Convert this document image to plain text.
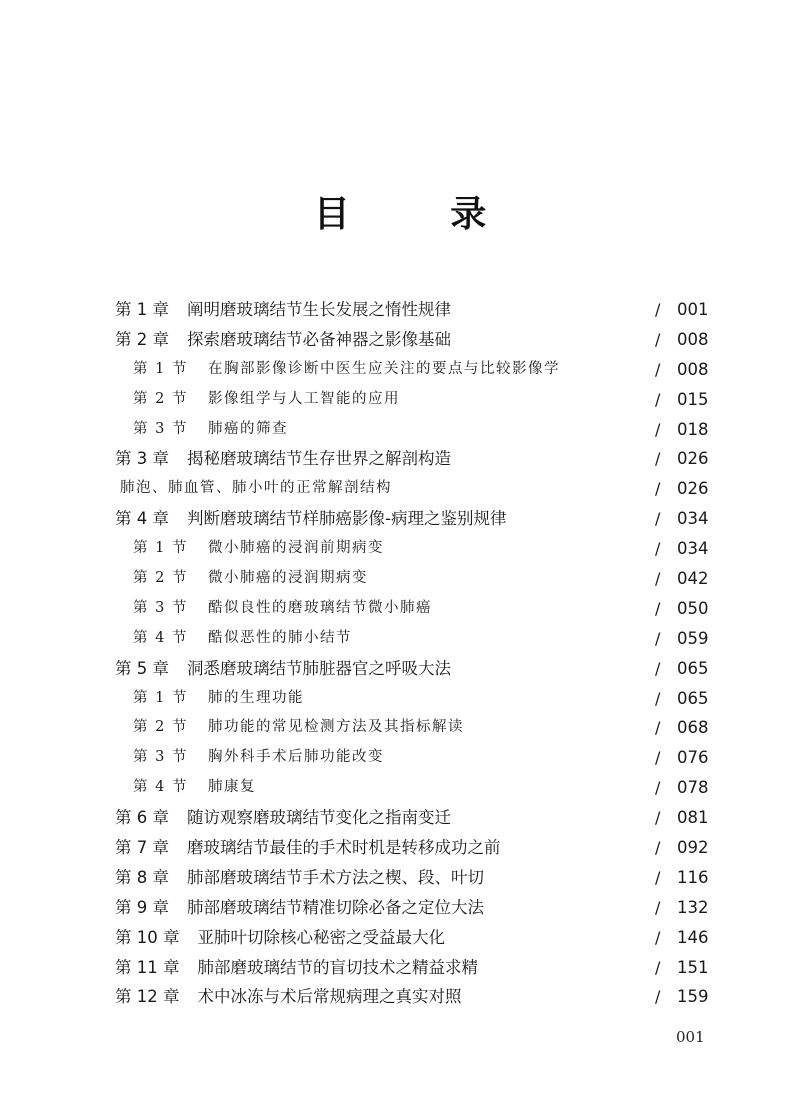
目 录
第 1 章 阐明磨玻璃结节生长发展之惰性规律	/ 001
第 2 章 探索磨玻璃结节必备神器之影像基础	/ 008
第 1 节 在胸部影像诊断中医生应关注的要点与比较影像学	/ 008
第 2 节 影像组学与人工智能的应用	/ 015
第 3 节 肺癌的筛查	/ 018
第 3 章 揭秘磨玻璃结节生存世界之解剖构造	/ 026
肺泡、肺血管、肺小叶的正常解剖结构	/ 026
第 4 章 判断磨玻璃结节样肺癌影像-病理之鉴别规律	/ 034
第 1 节 微小肺癌的浸润前期病变	/ 034
第 2 节 微小肺癌的浸润期病变	/ 042
第 3 节 酷似良性的磨玻璃结节微小肺癌	/ 050
第 4 节 酷似恶性的肺小结节	/ 059
第 5 章 洞悉磨玻璃结节肺脏器官之呼吸大法	/ 065
第 1 节 肺的生理功能	/ 065
第 2 节 肺功能的常见检测方法及其指标解读	/ 068
第 3 节 胸外科手术后肺功能改变	/ 076
第 4 节 肺康复	/ 078
第 6 章 随访观察磨玻璃结节变化之指南变迁	/ 081
第 7 章 磨玻璃结节最佳的手术时机是转移成功之前	/ 092
第 8 章 肺部磨玻璃结节手术方法之楔、段、叶切	/ 116
第 9 章 肺部磨玻璃结节精准切除必备之定位大法	/ 132
第 10 章 亚肺叶切除核心秘密之受益最大化	/ 146
第 11 章 肺部磨玻璃结节的盲切技术之精益求精	/ 151
第 12 章 术中冰冻与术后常规病理之真实对照	/ 159
001
